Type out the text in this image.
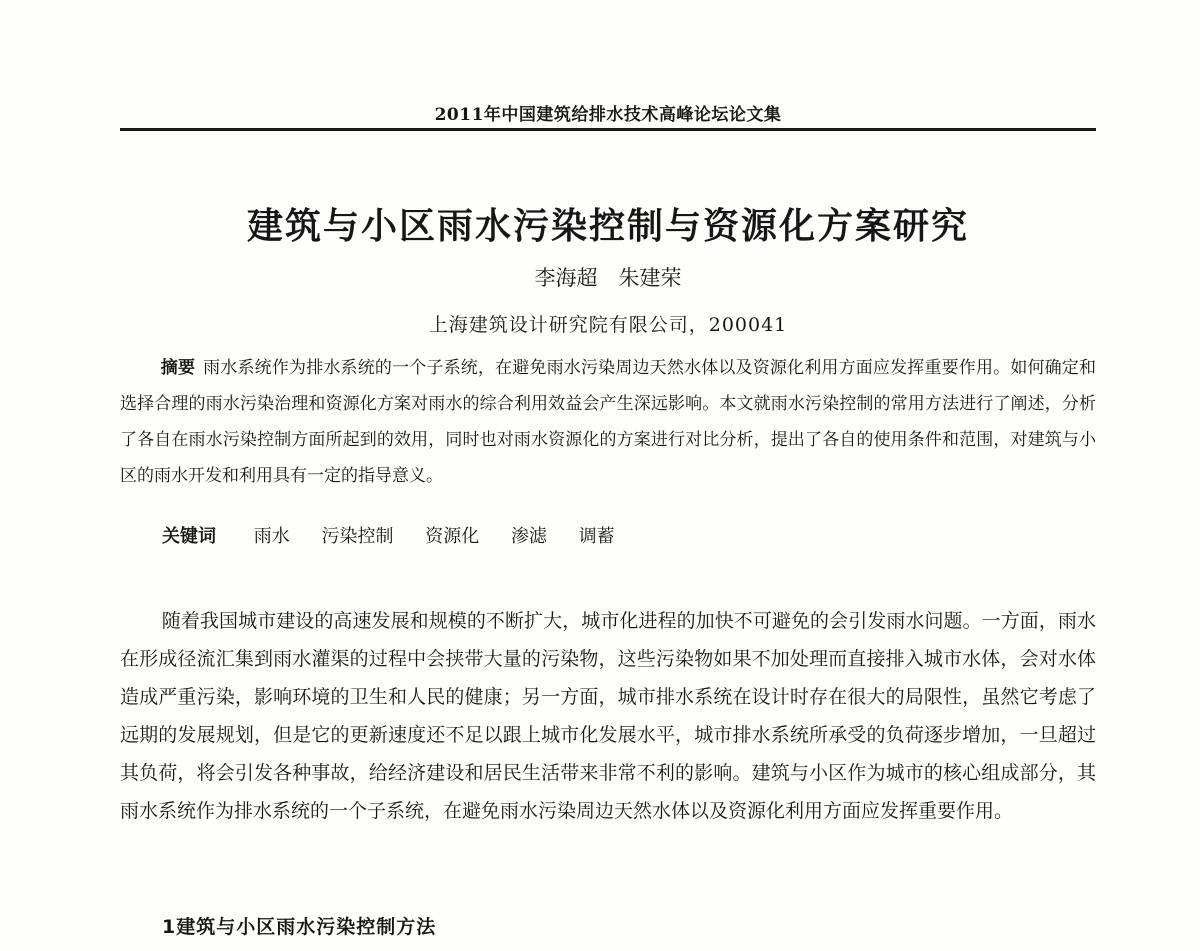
2011年中国建筑给排水技术高峰论坛论文集
建筑与小区雨水污染控制与资源化方案研究
李海超　朱建荣
上海建筑设计研究院有限公司，200041
摘要 雨水系统作为排水系统的一个子系统，在避免雨水污染周边天然水体以及资源化利用方面应发挥重要作用。如何确定和选择合理的雨水污染治理和资源化方案对雨水的综合利用效益会产生深远影响。本文就雨水污染控制的常用方法进行了阐述，分析了各自在雨水污染控制方面所起到的效用，同时也对雨水资源化的方案进行对比分析，提出了各自的使用条件和范围，对建筑与小区的雨水开发和利用具有一定的指导意义。
关键词 雨水 污染控制 资源化 渗滤 调蓄
随着我国城市建设的高速发展和规模的不断扩大，城市化进程的加快不可避免的会引发雨水问题。一方面，雨水在形成径流汇集到雨水灌渠的过程中会挟带大量的污染物，这些污染物如果不加处理而直接排入城市水体，会对水体造成严重污染，影响环境的卫生和人民的健康；另一方面，城市排水系统在设计时存在很大的局限性，虽然它考虑了远期的发展规划，但是它的更新速度还不足以跟上城市化发展水平，城市排水系统所承受的负荷逐步增加，一旦超过其负荷，将会引发各种事故，给经济建设和居民生活带来非常不利的影响。建筑与小区作为城市的核心组成部分，其雨水系统作为排水系统的一个子系统，在避免雨水污染周边天然水体以及资源化利用方面应发挥重要作用。
1建筑与小区雨水污染控制方法
